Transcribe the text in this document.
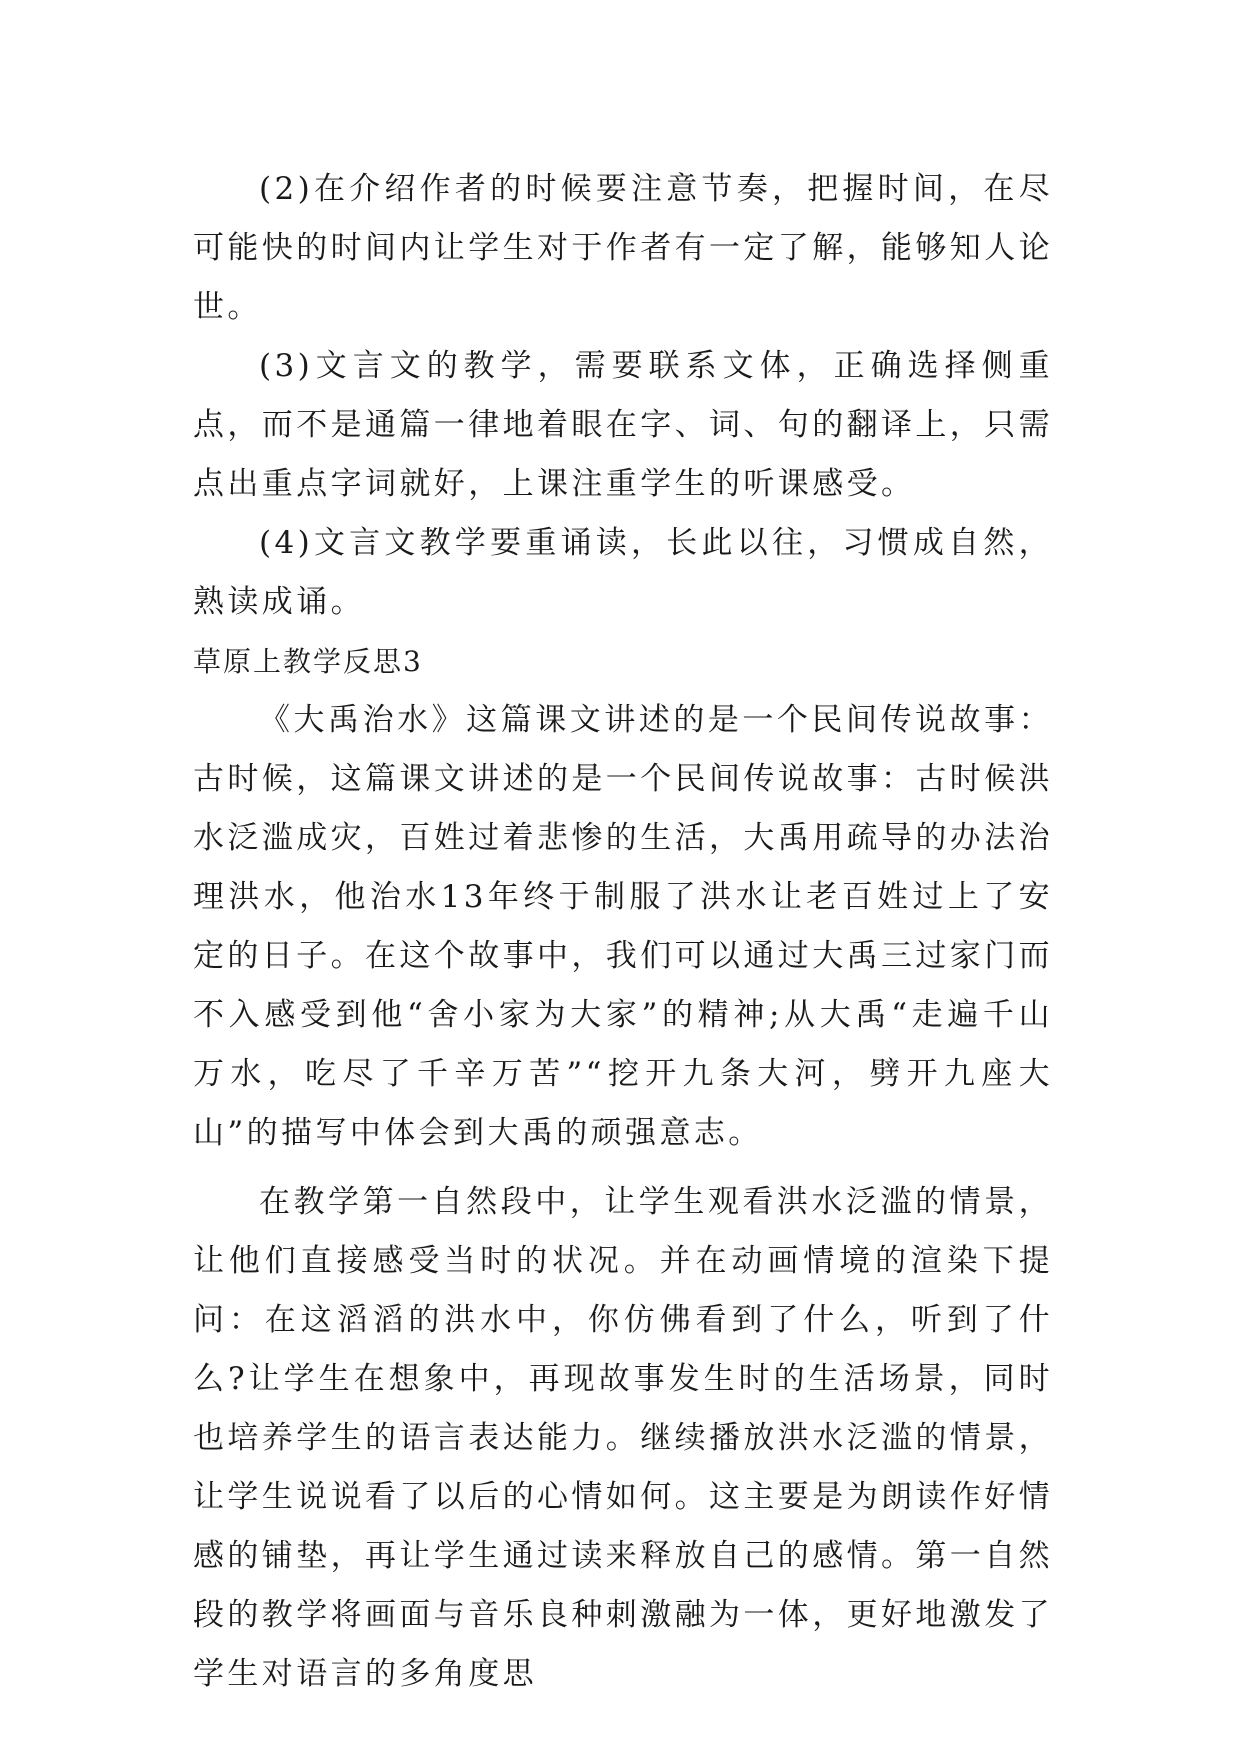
(2)在介绍作者的时候要注意节奏，把握时间，在尽可能快的时间内让学生对于作者有一定了解，能够知人论世。

(3)文言文的教学，需要联系文体，正确选择侧重点，而不是通篇一律地着眼在字、词、句的翻译上，只需点出重点字词就好，上课注重学生的听课感受。

(4)文言文教学要重诵读，长此以往，习惯成自然，熟读成诵。

草原上教学反思3

《大禹治水》这篇课文讲述的是一个民间传说故事：古时候，这篇课文讲述的是一个民间传说故事：古时候洪水泛滥成灾，百姓过着悲惨的生活，大禹用疏导的办法治理洪水，他治水13年终于制服了洪水让老百姓过上了安定的日子。在这个故事中，我们可以通过大禹三过家门而不入感受到他“舍小家为大家”的精神;从大禹“走遍千山万水，吃尽了千辛万苦”“挖开九条大河，劈开九座大山”的描写中体会到大禹的顽强意志。

在教学第一自然段中，让学生观看洪水泛滥的情景，让他们直接感受当时的状况。并在动画情境的渲染下提问：在这滔滔的洪水中，你仿佛看到了什么，听到了什么?让学生在想象中，再现故事发生时的生活场景，同时也培养学生的语言表达能力。继续播放洪水泛滥的情景，让学生说说看了以后的心情如何。这主要是为朗读作好情感的铺垫，再让学生通过读来释放自己的感情。第一自然段的教学将画面与音乐良种刺激融为一体，更好地激发了学生对语言的多角度思
